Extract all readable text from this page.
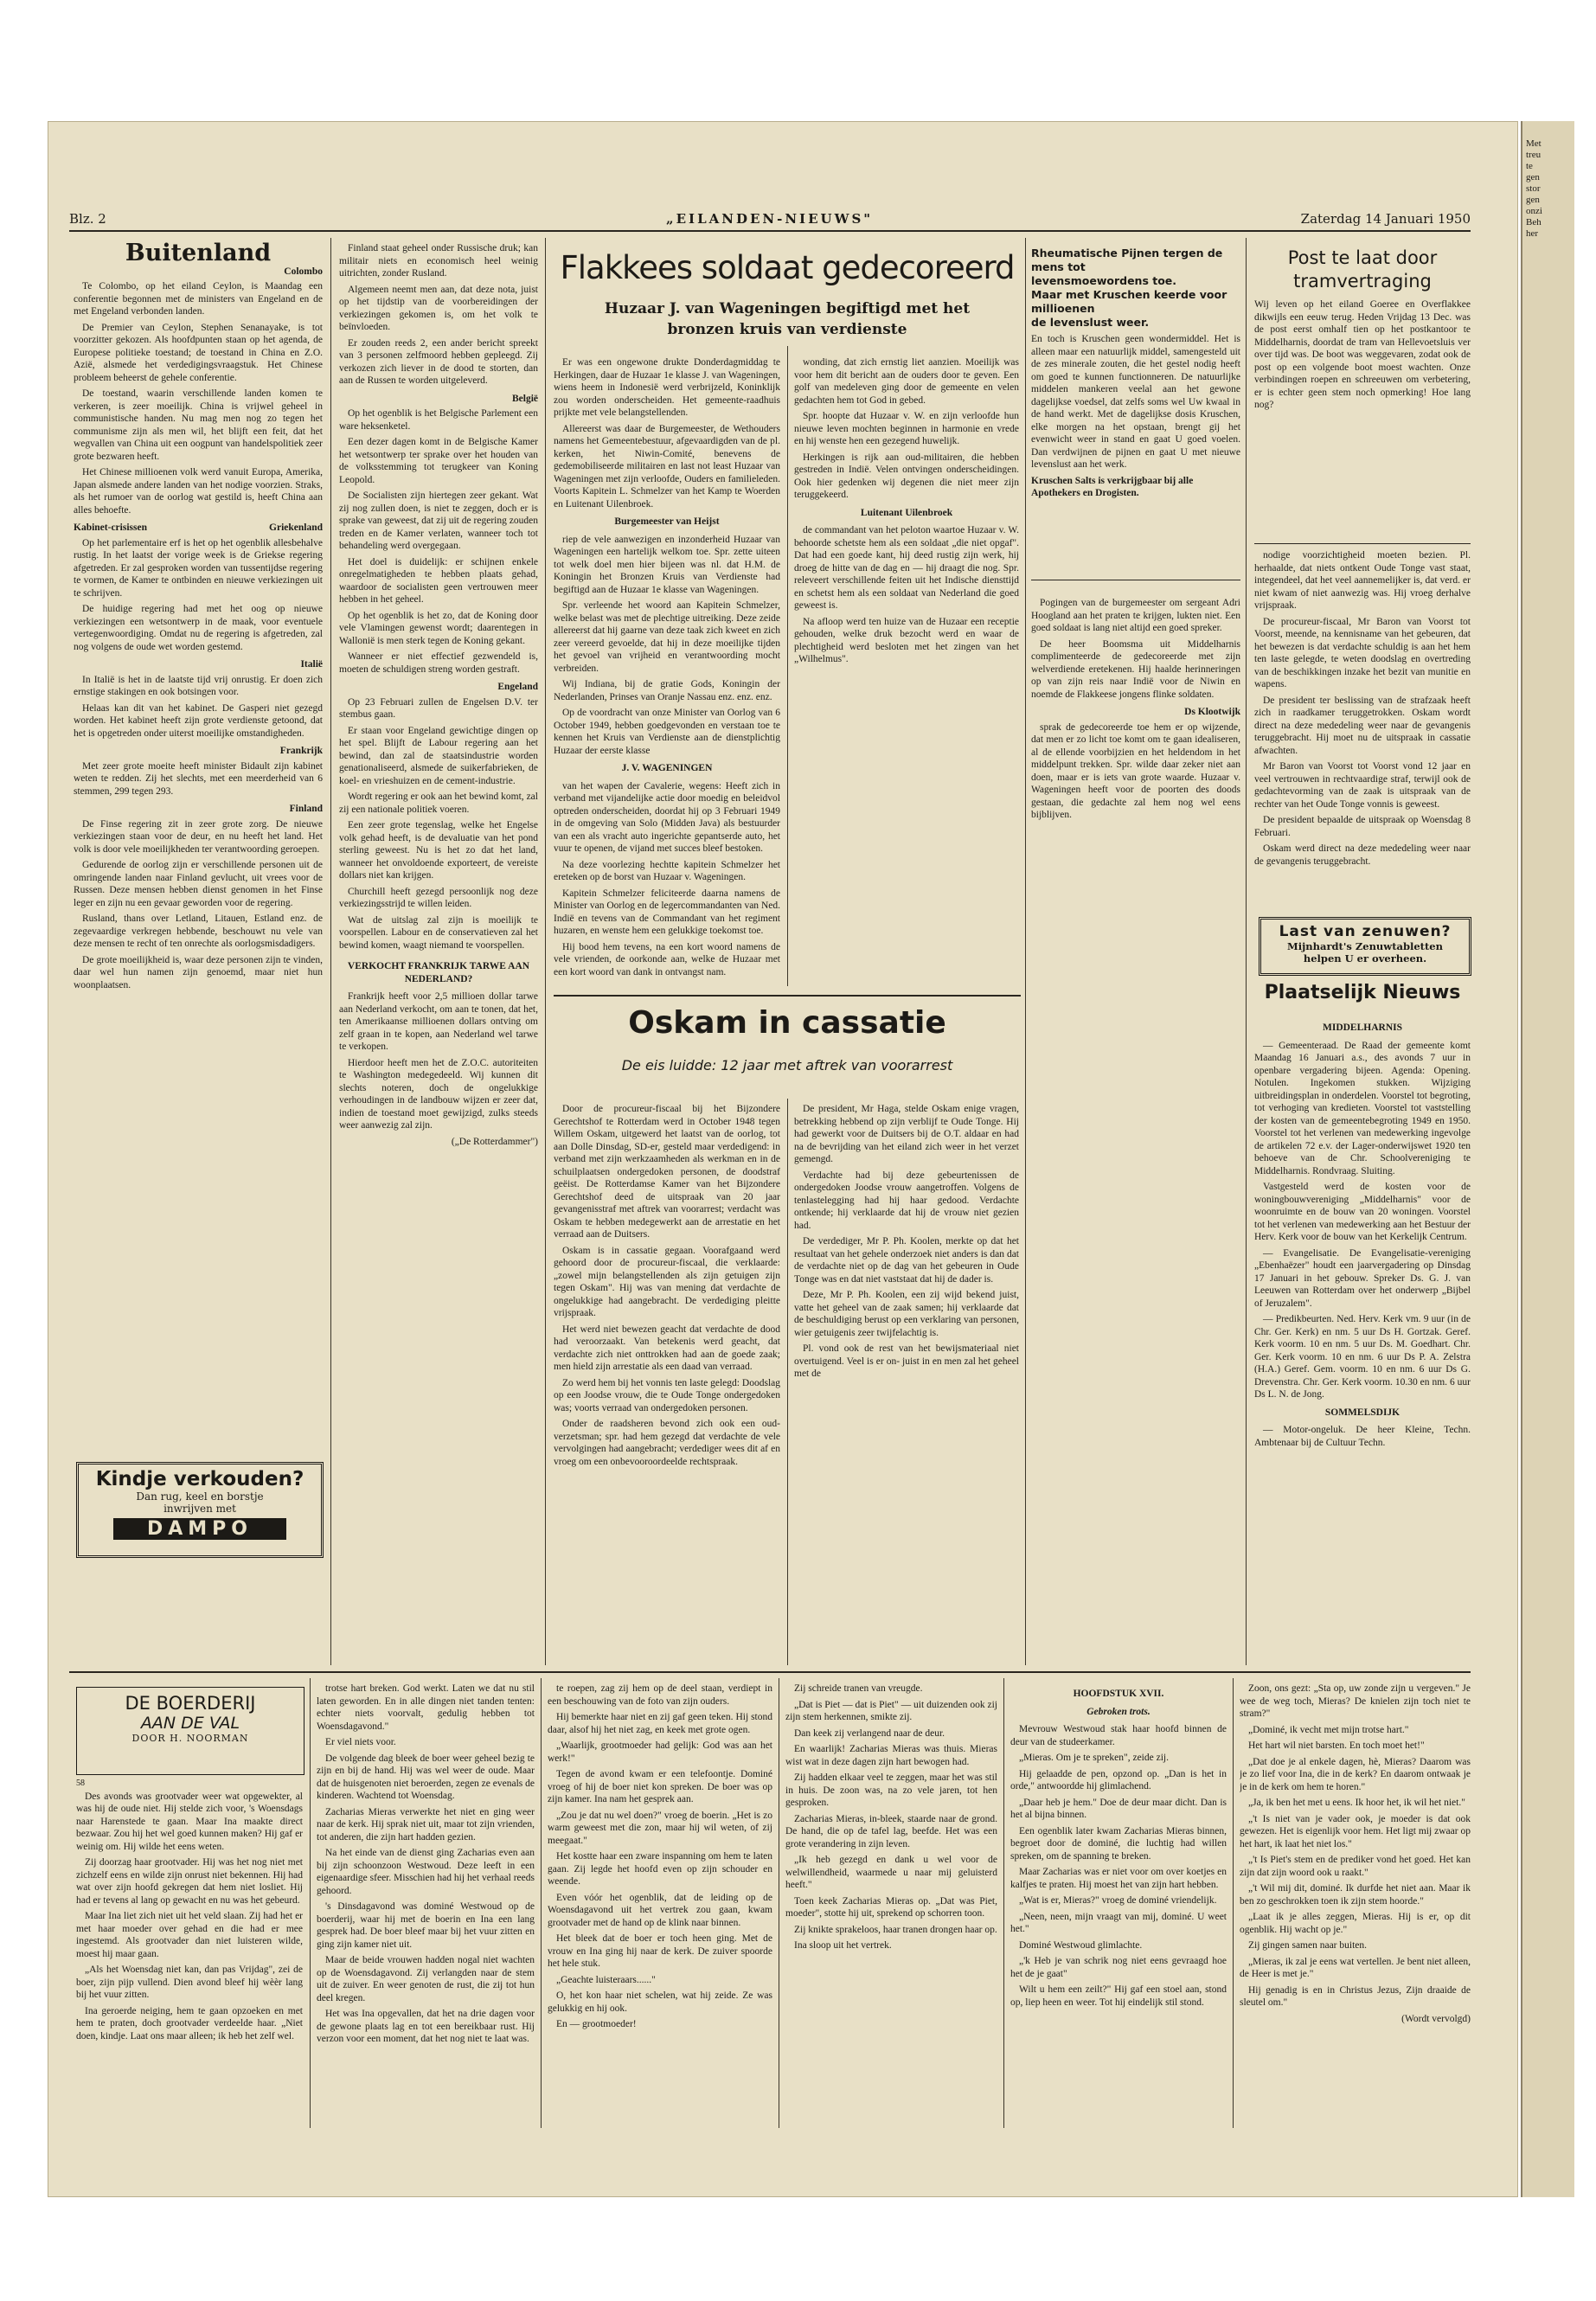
Met
treu
te
gen
stor
gen
onzi
Beh
her
Blz. 2	„EILANDEN-NIEUWS"	Zaterdag 14 Januari 1950
Buitenland
Colombo

Te Colombo, op het eiland Ceylon, is Maandag een conferentie begonnen met de ministers van Engeland en de met Engeland verbonden landen.

De Premier van Ceylon, Stephen Senanayake, is tot voorzitter gekozen. Als hoofdpunten staan op het agenda, de Europese politieke toestand; de toestand in China en Z.O. Azië, alsmede het verdedigingsvraagstuk. Het Chinese probleem beheerst de gehele conferentie.

De toestand, waarin verschillende landen komen te verkeren, is zeer moeilijk. China is vrijwel geheel in communistische handen. Nu mag men nog zo tegen het communisme zijn als men wil, het blijft een feit, dat het wegvallen van China uit een oogpunt van handelspolitiek zeer grote bezwaren heeft.

Het Chinese millioenen volk werd vanuit Europa, Amerika, Japan alsmede andere landen van het nodige voorzien. Straks, als het rumoer van de oorlog wat gestild is, heeft China aan alles behoefte.

Kabinet-crisissen	Griekenland

Op het parlementaire erf is het op het ogenblik allesbehalve rustig. In het laatst der vorige week is de Griekse regering afgetreden. Er zal gesproken worden van tussentijdse regering te vormen, de Kamer te ontbinden en nieuwe verkiezingen uit te schrijven.

De huidige regering had met het oog op nieuwe verkiezingen een wetsontwerp in de maak, voor eventuele vertegenwoordiging. Omdat nu de regering is afgetreden, zal nog volgens de oude wet worden gestemd.

Italië

In Italië is het in de laatste tijd vrij onrustig. Er doen zich ernstige stakingen en ook botsingen voor.

Helaas kan dit van het kabinet. De Gasperi niet gezegd worden. Het kabinet heeft zijn grote verdienste getoond, dat het is opgetreden onder uiterst moeilijke omstandigheden.

Frankrijk

Met zeer grote moeite heeft minister Bidault zijn kabinet weten te redden. Zij het slechts, met een meerderheid van 6 stemmen, 299 tegen 293.

Finland

De Finse regering zit in zeer grote zorg. De nieuwe verkiezingen staan voor de deur, en nu heeft het land. Het volk is door vele moeilijkheden ter verantwoording geroepen.

Gedurende de oorlog zijn er verschillende personen uit de omringende landen naar Finland gevlucht, uit vrees voor de Russen. Deze mensen hebben dienst genomen in het Finse leger en zijn nu een gevaar geworden voor de regering.

Rusland, thans over Letland, Litauen, Estland enz. de zegevaardige verkregen hebbende, beschouwt nu vele van deze mensen te recht of ten onrechte als oorlogsmisdadigers.

De grote moeilijkheid is, waar deze personen zijn te vinden, daar wel hun namen zijn genoemd, maar niet hun woonplaatsen.

Kindje verkouden?
Dan rug, keel en borstje
inwrijven met
DAMPO

Finland staat geheel onder Russische druk; kan militair niets en economisch heel weinig uitrichten, zonder Rusland.

Algemeen neemt men aan, dat deze nota, juist op het tijdstip van de voorbereidingen der verkiezingen gekomen is, om het volk te beïnvloeden.

Er zouden reeds 2, een ander bericht spreekt van 3 personen zelfmoord hebben gepleegd. Zij verkozen zich liever in de dood te storten, dan aan de Russen te worden uitgeleverd.

België

Op het ogenblik is het Belgische Parlement een ware heksenketel.

Een dezer dagen komt in de Belgische Kamer het wetsontwerp ter sprake over het houden van de volksstemming tot terugkeer van Koning Leopold.

De Socialisten zijn hiertegen zeer gekant. Wat zij nog zullen doen, is niet te zeggen, doch er is sprake van geweest, dat zij uit de regering zouden treden en de Kamer verlaten, wanneer toch tot behandeling werd overgegaan.

Het doel is duidelijk: er schijnen enkele onregelmatigheden te hebben plaats gehad, waardoor de socialisten geen vertrouwen meer hebben in het geheel.

Op het ogenblik is het zo, dat de Koning door vele Vlamingen gewenst wordt; daarentegen in Wallonië is men sterk tegen de Koning gekant.

Wanneer er niet effectief gezwendeld is, moeten de schuldigen streng worden gestraft.

Engeland

Op 23 Februari zullen de Engelsen D.V. ter stembus gaan.

Er staan voor Engeland gewichtige dingen op het spel. Blijft de Labour regering aan het bewind, dan zal de staatsindustrie worden genationaliseerd, alsmede de suikerfabrieken, de koel- en vrieshuizen en de cement-industrie.

Wordt regering er ook aan het bewind komt, zal zij een nationale politiek voeren.

Een zeer grote tegenslag, welke het Engelse volk gehad heeft, is de devaluatie van het pond sterling geweest. Nu is het zo dat het land, wanneer het onvoldoende exporteert, de vereiste dollars niet kan krijgen.

Churchill heeft gezegd persoonlijk nog deze verkiezingsstrijd te willen leiden.

Wat de uitslag zal zijn is moeilijk te voorspellen. Labour en de conservatieven zal het bewind komen, waagt niemand te voorspellen.

VERKOCHT FRANKRIJK TARWE AAN NEDERLAND?

Frankrijk heeft voor 2,5 millioen dollar tarwe aan Nederland verkocht, om aan te tonen, dat het, ten Amerikaanse millioenen dollars ontving om zelf graan in te kopen, aan Nederland wel tarwe te verkopen.

Hierdoor heeft men het de Z.O.C. autoriteiten te Washington medegedeeld. Wij kunnen dit slechts noteren, doch de ongelukkige verhoudingen in de landbouw wijzen er zeer dat, indien de toestand moet gewijzigd, zulks steeds weer aanwezig zal zijn.

(„De Rotterdammer")
Flakkees soldaat gedecoreerd
Huzaar J. van Wageningen begiftigd met het
bronzen kruis van verdienste

Er was een ongewone drukte Donderdagmiddag te Herkingen, daar de Huzaar 1e klasse J. van Wageningen, wiens heem in Indonesië werd verbrijzeld, Koninklijk zou worden onderscheiden. Het gemeente-raadhuis prijkte met vele belangstellenden.

Allereerst was daar de Burgemeester, de Wethouders namens het Gemeentebestuur, afgevaardigden van de pl. kerken, het Niwin-Comité, benevens de gedemobiliseerde militairen en last not least Huzaar van Wageningen met zijn verloofde, Ouders en familieleden. Voorts Kapitein L. Schmelzer van het Kamp te Woerden en Luitenant Uilenbroek.

Burgemeester van Heijst

riep de vele aanwezigen en inzonderheid Huzaar van Wageningen een hartelijk welkom toe. Spr. zette uiteen tot welk doel men hier bijeen was nl. dat H.M. de Koningin het Bronzen Kruis van Verdienste had begiftigd aan de Huzaar 1e klasse van Wageningen.

Spr. verleende het woord aan Kapitein Schmelzer, welke belast was met de plechtige uitreiking. Deze zeide allereerst dat hij gaarne van deze taak zich kweet en zich zeer vereerd gevoelde, dat hij in deze moeilijke tijden het gevoel van vrijheid en verantwoording mocht verbreiden.

Wij Indiana, bij de gratie Gods, Koningin der Nederlanden, Prinses van Oranje Nassau enz. enz. enz.

Op de voordracht van onze Minister van Oorlog van 6 October 1949, hebben goedgevonden en verstaan toe te kennen het Kruis van Verdienste aan de dienstplichtig Huzaar der eerste klasse

J. V. WAGENINGEN

van het wapen der Cavalerie, wegens: Heeft zich in verband met vijandelijke actie door moedig en beleidvol optreden onderscheiden, doordat hij op 3 Februari 1949 in de omgeving van Solo (Midden Java) als bestuurder van een als vracht auto ingerichte gepantserde auto, het vuur te openen, de vijand met succes bleef bestoken.

Na deze voorlezing hechtte kapitein Schmelzer het ereteken op de borst van Huzaar v. Wageningen.

Kapitein Schmelzer feliciteerde daarna namens de Minister van Oorlog en de legercommandanten van Ned. Indië en tevens van de Commandant van het regiment huzaren, en wenste hem een gelukkige toekomst toe.

Hij bood hem tevens, na een kort woord namens de vele vrienden, de oorkonde aan, welke de Huzaar met een kort woord van dank in ontvangst nam.

wonding, dat zich ernstig liet aanzien. Moeilijk was voor hem dit bericht aan de ouders door te geven. Een golf van medeleven ging door de gemeente en velen gedachten hem tot God in gebed.

Spr. hoopte dat Huzaar v. W. en zijn verloofde hun nieuwe leven mochten beginnen in harmonie en vrede en hij wenste hen een gezegend huwelijk.

Herkingen is rijk aan oud-militairen, die hebben gestreden in Indië. Velen ontvingen onderscheidingen. Ook hier gedenken wij degenen die niet meer zijn teruggekeerd.

Luitenant Uilenbroek

de commandant van het peloton waartoe Huzaar v. W. behoorde schetste hem als een soldaat „die niet opgaf". Dat had een goede kant, hij deed rustig zijn werk, hij droeg de hitte van de dag en — hij draagt die nog. Spr. releveert verschillende feiten uit het Indische diensttijd en schetst hem als een soldaat van Nederland die goed geweest is.

Na afloop werd ten huize van de Huzaar een receptie gehouden, welke druk bezocht werd en waar de plechtigheid werd besloten met het zingen van het „Wilhelmus".

Oskam in cassatie
De eis luidde: 12 jaar met aftrek van voorarrest

Door de procureur-fiscaal bij het Bijzondere Gerechtshof te Rotterdam werd in October 1948 tegen Willem Oskam, uitgewerd het laatst van de oorlog, tot aan Dolle Dinsdag, SD-er, gesteld maar verdedigend: in verband met zijn werkzaamheden als werkman en in de schuilplaatsen ondergedoken personen, de doodstraf geëist. De Rotterdamse Kamer van het Bijzondere Gerechtshof deed de uitspraak van 20 jaar gevangenisstraf met aftrek van voorarrest; verdacht was Oskam te hebben medegewerkt aan de arrestatie en het verraad aan de Duitsers.

Oskam is in cassatie gegaan. Voorafgaand werd gehoord door de procureur-fiscaal, die verklaarde: „zowel mijn belangstellenden als zijn getuigen zijn tegen Oskam". Hij was van mening dat verdachte de ongelukkige had aangebracht. De verdediging pleitte vrijspraak.

Het werd niet bewezen geacht dat verdachte de dood had veroorzaakt. Van betekenis werd geacht, dat verdachte zich niet onttrokken had aan de goede zaak; men hield zijn arrestatie als een daad van verraad.

Zo werd hem bij het vonnis ten laste gelegd: Doodslag op een Joodse vrouw, die te Oude Tonge ondergedoken was; voorts verraad van ondergedoken personen.

Onder de raadsheren bevond zich ook een oud-verzetsman; spr. had hem gezegd dat verdachte de vele vervolgingen had aangebracht; verdediger wees dit af en vroeg om een onbevooroordeelde rechtspraak.

De president, Mr Haga, stelde Oskam enige vragen, betrekking hebbend op zijn verblijf te Oude Tonge. Hij had gewerkt voor de Duitsers bij de O.T. aldaar en had na de bevrijding van het eiland zich weer in het verzet gemengd.

Verdachte had bij deze gebeurtenissen de ondergedoken Joodse vrouw aangetroffen. Volgens de tenlastelegging had hij haar gedood. Verdachte ontkende; hij verklaarde dat hij de vrouw niet gezien had.

De verdediger, Mr P. Ph. Koolen, merkte op dat het resultaat van het gehele onderzoek niet anders is dan dat de verdachte niet op de dag van het gebeuren in Oude Tonge was en dat niet vaststaat dat hij de dader is.

Deze, Mr P. Ph. Koolen, een zij wijd bekend juist, vatte het geheel van de zaak samen; hij verklaarde dat de beschuldiging berust op een verklaring van personen, wier getuigenis zeer twijfelachtig is.

Pl. vond ook de rest van het bewijsmateriaal niet overtuigend. Veel is er on- juist in en men zal het geheel met de

Rheumatische Pijnen tergen de mens tot
levensmoewordens toe.
Maar met Kruschen keerde voor millioenen
de levenslust weer.
En toch is Kruschen geen wondermiddel. Het is alleen maar een natuurlijk middel, samengesteld uit de zes minerale zouten, die het gestel nodig heeft om goed te kunnen functionneren. De natuurlijke middelen mankeren veelal aan het gewone dagelijkse voedsel, dat zelfs soms wel Uw kwaal in de hand werkt. Met de dagelijkse dosis Kruschen, elke morgen na het opstaan, brengt gij het evenwicht weer in stand en gaat U goed voelen. Dan verdwijnen de pijnen en gaat U met nieuwe levenslust aan het werk.
Kruschen Salts is verkrijgbaar bij alle Apothekers en Drogisten.

Pogingen van de burgemeester om sergeant Adri Hoogland aan het praten te krijgen, lukten niet. Een goed soldaat is lang niet altijd een goed spreker.

De heer Boomsma uit Middelharnis complimenteerde de gedecoreerde met zijn welverdiende eretekenen. Hij haalde herinneringen op van zijn reis naar Indië voor de Niwin en noemde de Flakkeese jongens flinke soldaten.

Ds Klootwijk

sprak de gedecoreerde toe hem er op wijzende, dat men er zo licht toe komt om te gaan idealiseren, al de ellende voorbijzien en het heldendom in het middelpunt trekken. Spr. wilde daar zeker niet aan doen, maar er is iets van grote waarde. Huzaar v. Wageningen heeft voor de poorten des doods gestaan, die gedachte zal hem nog wel eens bijblijven.

Post te laat door tramvertraging
Wij leven op het eiland Goeree en Overflakkee dikwijls een eeuw terug. Heden Vrijdag 13 Dec. was de post eerst omhalf tien op het postkantoor te Middelharnis, doordat de tram van Hellevoetsluis ver over tijd was. De boot was weggevaren, zodat ook de post op een volgende boot moest wachten. Onze verbindingen roepen en schreeuwen om verbetering, er is echter geen stem noch opmerking! Hoe lang nog?

nodige voorzichtigheid moeten bezien. Pl. herhaalde, dat niets ontkent Oude Tonge vast staat, integendeel, dat het veel aannemelijker is, dat verd. er niet kwam of niet aanwezig was. Hij vroeg derhalve vrijspraak.

De procureur-fiscaal, Mr Baron van Voorst tot Voorst, meende, na kennisname van het gebeuren, dat het bewezen is dat verdachte schuldig is aan het hem ten laste gelegde, te weten doodslag en overtreding van de beschikkingen inzake het bezit van munitie en wapens.

De president ter beslissing van de strafzaak heeft zich in raadkamer teruggetrokken. Oskam wordt direct na deze mededeling weer naar de gevangenis teruggebracht. Hij moet nu de uitspraak in cassatie afwachten.

Mr Baron van Voorst tot Voorst vond 12 jaar en veel vertrouwen in rechtvaardige straf, terwijl ook de gedachtevorming van de zaak is uitspraak van de rechter van het Oude Tonge vonnis is geweest.

De president bepaalde de uitspraak op Woensdag 8 Februari.

Oskam werd direct na deze mededeling weer naar de gevangenis teruggebracht.

Last van zenuwen?
Mijnhardt's Zenuwtabletten
helpen U er overheen.
Plaatselijk Nieuws
MIDDELHARNIS

— Gemeenteraad. De Raad der gemeente komt Maandag 16 Januari a.s., des avonds 7 uur in openbare vergadering bijeen. Agenda: Opening. Notulen. Ingekomen stukken. Wijziging uitbreidingsplan in onderdelen. Voorstel tot begroting, tot verhoging van kredieten. Voorstel tot vaststelling der kosten van de gemeentebegroting 1949 en 1950. Voorstel tot het verlenen van medewerking ingevolge de artikelen 72 e.v. der Lager-onderwijswet 1920 ten behoeve van de Chr. Schoolvereniging te Middelharnis. Rondvraag. Sluiting.

Vastgesteld werd de kosten voor de woningbouwvereniging „Middelharnis" voor de woonruimte en de bouw van 20 woningen. Voorstel tot het verlenen van medewerking aan het Bestuur der Herv. Kerk voor de bouw van het Kerkelijk Centrum.

— Evangelisatie. De Evangelisatie-vereniging „Ebenhaëzer" houdt een jaarvergadering op Dinsdag 17 Januari in het gebouw. Spreker Ds. G. J. van Leeuwen van Rotterdam over het onderwerp „Bijbel of Jeruzalem".

— Predikbeurten. Ned. Herv. Kerk vm. 9 uur (in de Chr. Ger. Kerk) en nm. 5 uur Ds H. Gortzak. Geref. Kerk voorm. 10 en nm. 5 uur Ds. M. Goedhart. Chr. Ger. Kerk voorm. 10 en nm. 6 uur Ds P. A. Zelstra (H.A.) Geref. Gem. voorm. 10 en nm. 6 uur Ds G. Drevenstra. Chr. Ger. Kerk voorm. 10.30 en nm. 6 uur Ds L. N. de Jong.

SOMMELSDIJK

— Motor-ongeluk. De heer Kleine, Techn. Ambtenaar bij de Cultuur Techn.

DE BOERDERIJ
AAN DE VAL
DOOR H. NOORMAN
58

Des avonds was grootvader weer wat opgewekter, al was hij de oude niet. Hij stelde zich voor, 's Woensdags naar Harenstede te gaan. Maar Ina maakte direct bezwaar. Zou hij het wel goed kunnen maken? Hij gaf er weinig om. Hij wilde het eens weten.

Zij doorzag haar grootvader. Hij was het nog niet met zichzelf eens en wilde zijn onrust niet bekennen. Hij had wat over zijn hoofd gekregen dat hem niet losliet. Hij had er tevens al lang op gewacht en nu was het gebeurd.

Maar Ina liet zich niet uit het veld slaan. Zij had het er met haar moeder over gehad en die had er mee ingestemd. Als grootvader dan niet luisteren wilde, moest hij maar gaan.

„Als het Woensdag niet kan, dan pas Vrijdag", zei de boer, zijn pijp vullend. Dien avond bleef hij wèèr lang bij het vuur zitten.

Ina geroerde neiging, hem te gaan opzoeken en met hem te praten, doch grootvader verdeelde haar. „Niet doen, kindje. Laat ons maar alleen; ik heb het zelf wel.

trotse hart breken. God werkt. Laten we dat nu stil laten geworden. En in alle dingen niet tanden tenten: echter niets voorvalt, gedulig hebben tot Woensdagavond."

Er viel niets voor.

De volgende dag bleek de boer weer geheel bezig te zijn en bij de hand. Hij was wel weer de oude. Maar dat de huisgenoten niet beroerden, zegen ze evenals de kinderen. Wachtend tot Woensdag.

Zacharias Mieras verwerkte het niet en ging weer naar de kerk. Hij sprak niet uit, maar tot zijn vrienden, tot anderen, die zijn hart hadden gezien.

Na het einde van de dienst ging Zacharias even aan bij zijn schoonzoon Westwoud. Deze leeft in een eigenaardige sfeer. Misschien had hij het verhaal reeds gehoord.

's Dinsdagavond was dominé Westwoud op de boerderij, waar hij met de boerin en Ina een lang gesprek had. De boer bleef maar bij het vuur zitten en ging zijn kamer niet uit.

Maar de beide vrouwen hadden nogal niet wachten op de Woensdagavond. Zij verlangden naar de stem uit de zuiver. En weer genoten de rust, die zij tot hun deel kregen.

Het was Ina opgevallen, dat het na drie dagen voor de gewone plaats lag en tot een bereikbaar rust. Hij verzon voor een moment, dat het nog niet te laat was.

te roepen, zag zij hem op de deel staan, verdiept in een beschouwing van de foto van zijn ouders.

Hij bemerkte haar niet en zij gaf geen teken. Hij stond daar, alsof hij het niet zag, en keek met grote ogen.

„Waarlijk, grootmoeder had gelijk: God was aan het werk!"

Tegen de avond kwam er een telefoontje. Dominé vroeg of hij de boer niet kon spreken. De boer was op zijn kamer. Ina nam het gesprek aan.

„Zou je dat nu wel doen?" vroeg de boerin. „Het is zo warm geweest met die zon, maar hij wil weten, of zij meegaat."

Het kostte haar een zware inspanning om hem te laten gaan. Zij legde het hoofd even op zijn schouder en weende.

Even vóór het ogenblik, dat de leiding op de Woensdagavond uit het vertrek zou gaan, kwam grootvader met de hand op de klink naar binnen.

Het bleek dat de boer er toch heen ging. Met de vrouw en Ina ging hij naar de kerk. De zuiver spoorde het hele stuk.

„Geachte luisteraars......"

O, het kon haar niet schelen, wat hij zeide. Ze was gelukkig en hij ook.

En — grootmoeder!

Zij schreide tranen van vreugde.

„Dat is Piet — dat is Piet" — uit duizenden ook zij zijn stem herkennen, smikte zij.

Dan keek zij verlangend naar de deur.

En waarlijk! Zacharias Mieras was thuis. Mieras wist wat in deze dagen zijn hart bewogen had.

Zij hadden elkaar veel te zeggen, maar het was stil in huis. De zoon was, na zo vele jaren, tot hen gesproken.

Zacharias Mieras, in-bleek, staarde naar de grond. De hand, die op de tafel lag, beefde. Het was een grote verandering in zijn leven.

„Ik heb gezegd en dank u wel voor de welwillendheid, waarmede u naar mij geluisterd heeft."

Toen keek Zacharias Mieras op. „Dat was Piet, moeder", stotte hij uit, sprekend op schorren toon.

Zij knikte sprakeloos, haar tranen drongen haar op.

Ina sloop uit het vertrek.

HOOFDSTUK XVII.
Gebroken trots.

Mevrouw Westwoud stak haar hoofd binnen de deur van de studeerkamer.

„Mieras. Om je te spreken", zeide zij.

Hij gelaadde de pen, opzond op. „Dan is het in orde," antwoordde hij glimlachend.

„Daar heb je hem." Doe de deur maar dicht. Dan is het al bijna binnen.

Een ogenblik later kwam Zacharias Mieras binnen, begroet door de dominé, die luchtig had willen spreken, om de spanning te breken.

Maar Zacharias was er niet voor om over koetjes en kalfjes te praten. Hij moest het van zijn hart hebben.

„Wat is er, Mieras?" vroeg de dominé vriendelijk.

„Neen, neen, mijn vraagt van mij, dominé. U weet het."

Dominé Westwoud glimlachte.

„'k Heb je van schrik nog niet eens gevraagd hoe het de je gaat"

Wilt u hem een zeilt?" Hij gaf een stoel aan, stond op, liep heen en weer. Tot hij eindelijk stil stond.

Zoon, ons gezt: „Sta op, uw zonde zijn u vergeven." Je wee de weg toch, Mieras? De knielen zijn toch niet te stram?"

„Dominé, ik vecht met mijn trotse hart."

Het hart wil niet barsten. En toch moet het!"

„Dat doe je al enkele dagen, hè, Mieras? Daarom was je zo lief voor Ina, die in de kerk? En daarom ontwaak je je in de kerk om hem te horen."

„Ja, ik ben het met u eens. Ik hoor het, ik wil het niet."

„'t Is niet van je vader ook, je moeder is dat ook gewezen. Het is eigenlijk voor hem. Het ligt mij zwaar op het hart, ik laat het niet los."

„'t Is Piet's stem en de prediker vond het goed. Het kan zijn dat zijn woord ook u raakt."

„'t Wil mij dit, dominé. Ik durfde het niet aan. Maar ik ben zo geschrokken toen ik zijn stem hoorde."

„Laat ik je alles zeggen, Mieras. Hij is er, op dit ogenblik. Hij wacht op je."

Zij gingen samen naar buiten.

„Mieras, ik zal je eens wat vertellen. Je bent niet alleen, de Heer is met je."

Hij genadig is en in Christus Jezus, Zijn draaide de sleutel om."

(Wordt vervolgd)
